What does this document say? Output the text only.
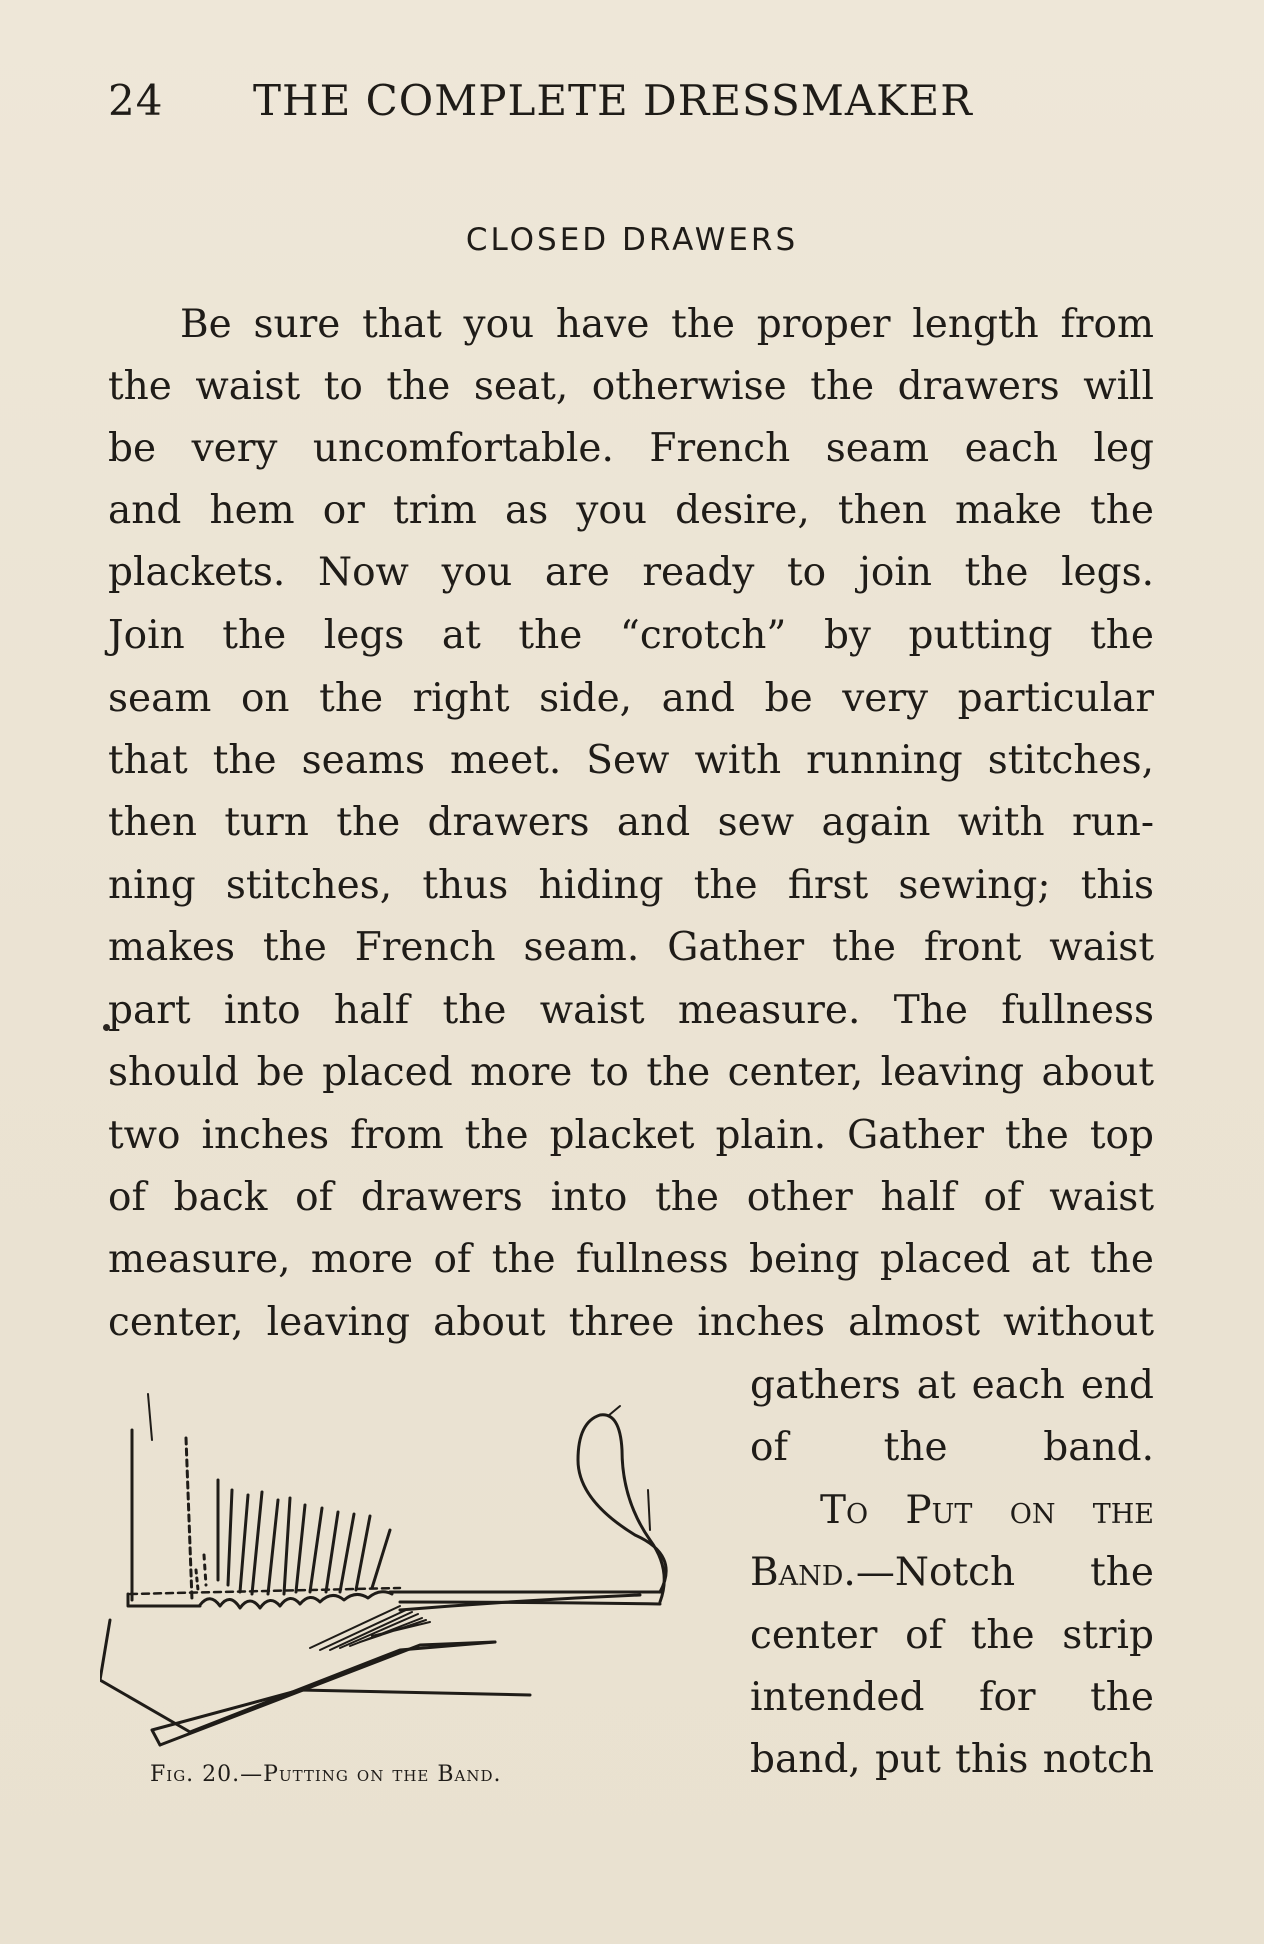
24 THE COMPLETE DRESSMAKER
CLOSED DRAWERS
Be sure that you have the proper length from
the waist to the seat, otherwise the drawers will
be very uncomfortable. French seam each leg
and hem or trim as you desire, then make the
plackets. Now you are ready to join the legs.
Join the legs at the “crotch” by putting the
seam on the right side, and be very particular
that the seams meet. Sew with running stitches,
then turn the drawers and sew again with run-
ning stitches, thus hiding the first sewing; this
makes the French seam. Gather the front waist
part into half the waist measure. The fullness
should be placed more to the center, leaving about
two inches from the placket plain. Gather the top
of back of drawers into the other half of waist
measure, more of the fullness being placed at the
center, leaving about three inches almost without
gathers at each end
of the band.
To Put on the
Band.—Notch the
center of the strip
intended for the
band, put this notch
Fig. 20.—Putting on the Band.
